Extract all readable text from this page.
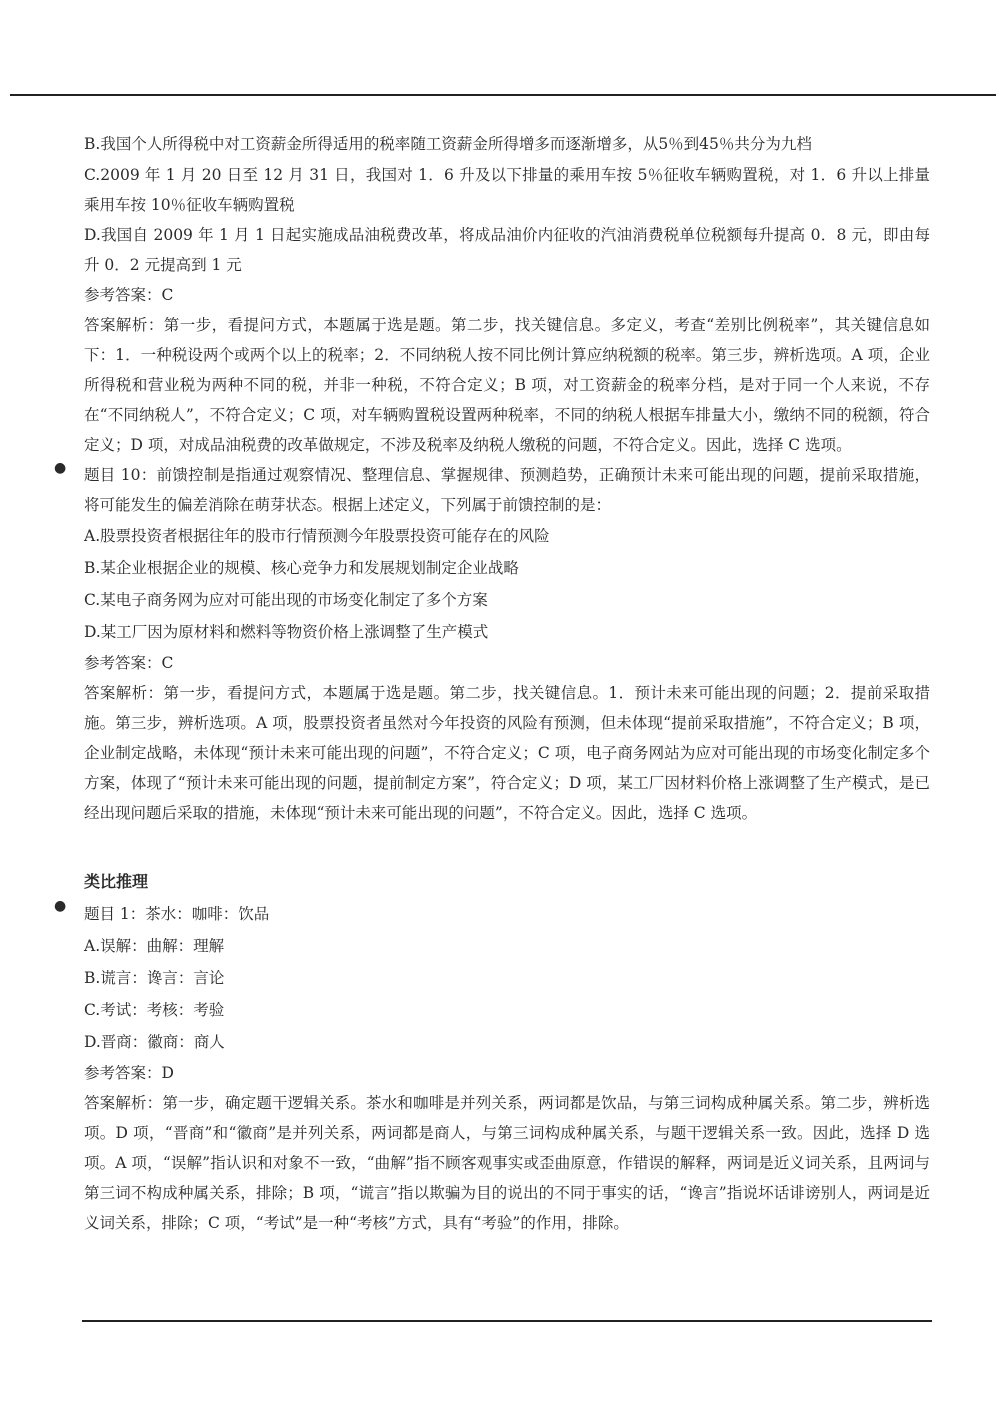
B.我国个人所得税中对工资薪金所得适用的税率随工资薪金所得增多而逐渐增多，从5％到45％共分为九档
C.2009 年 1 月 20 日至 12 月 31 日，我国对 1．6 升及以下排量的乘用车按 5％征收车辆购置税，对 1．6 升以上排量乘用车按 10％征收车辆购置税
D.我国自 2009 年 1 月 1 日起实施成品油税费改革，将成品油价内征收的汽油消费税单位税额每升提高 0．8 元，即由每升 0．2 元提高到 1 元
参考答案：C
答案解析：第一步，看提问方式，本题属于选是题。第二步，找关键信息。多定义，考查“差别比例税率”，其关键信息如下：1．一种税设两个或两个以上的税率；2．不同纳税人按不同比例计算应纳税额的税率。第三步，辨析选项。A 项，企业所得税和营业税为两种不同的税，并非一种税，不符合定义；B 项，对工资薪金的税率分档，是对于同一个人来说，不存在“不同纳税人”，不符合定义；C 项，对车辆购置税设置两种税率，不同的纳税人根据车排量大小，缴纳不同的税额，符合定义；D 项，对成品油税费的改革做规定，不涉及税率及纳税人缴税的问题，不符合定义。因此，选择 C 选项。
● 题目 10：前馈控制是指通过观察情况、整理信息、掌握规律、预测趋势，正确预计未来可能出现的问题，提前采取措施，将可能发生的偏差消除在萌芽状态。根据上述定义，下列属于前馈控制的是：
A.股票投资者根据往年的股市行情预测今年股票投资可能存在的风险
B.某企业根据企业的规模、核心竞争力和发展规划制定企业战略
C.某电子商务网为应对可能出现的市场变化制定了多个方案
D.某工厂因为原材料和燃料等物资价格上涨调整了生产模式
参考答案：C
答案解析：第一步，看提问方式，本题属于选是题。第二步，找关键信息。1．预计未来可能出现的问题；2．提前采取措施。第三步，辨析选项。A 项，股票投资者虽然对今年投资的风险有预测，但未体现“提前采取措施”，不符合定义；B 项，企业制定战略，未体现“预计未来可能出现的问题”，不符合定义；C 项，电子商务网站为应对可能出现的市场变化制定多个方案，体现了“预计未来可能出现的问题，提前制定方案”，符合定义；D 项，某工厂因材料价格上涨调整了生产模式，是已经出现问题后采取的措施，未体现“预计未来可能出现的问题”，不符合定义。因此，选择 C 选项。
类比推理
● 题目 1：茶水：咖啡：饮品
A.误解：曲解：理解
B.谎言：谗言：言论
C.考试：考核：考验
D.晋商：徽商：商人
参考答案：D
答案解析：第一步，确定题干逻辑关系。茶水和咖啡是并列关系，两词都是饮品，与第三词构成种属关系。第二步，辨析选项。D 项，“晋商”和“徽商”是并列关系，两词都是商人，与第三词构成种属关系，与题干逻辑关系一致。因此，选择 D 选项。A 项，“误解”指认识和对象不一致，“曲解”指不顾客观事实或歪曲原意，作错误的解释，两词是近义词关系，且两词与第三词不构成种属关系，排除；B 项，“谎言”指以欺骗为目的说出的不同于事实的话，“谗言”指说坏话诽谤别人，两词是近义词关系，排除；C 项，“考试”是一种“考核”方式，具有“考验”的作用，排除。
